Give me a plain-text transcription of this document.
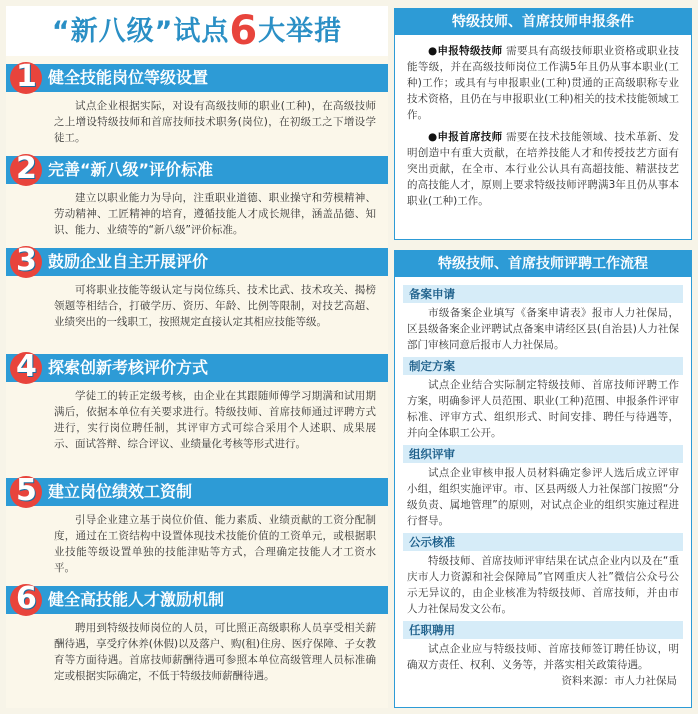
“新八级”试点6大举措
1 健全技能岗位等级设置
试点企业根据实际，对设有高级技师的职业(工种)，在高级技师之上增设特级技师和首席技师技术职务(岗位)，在初级工之下增设学徒工。
2 完善“新八级”评价标准
建立以职业能力为导向，注重职业道德、职业操守和劳模精神、劳动精神、工匠精神的培育，遵循技能人才成长规律，涵盖品德、知识、能力、业绩等的“新八级”评价标准。
3 鼓励企业自主开展评价
可将职业技能等级认定与岗位练兵、技术比武、技术攻关、揭榜领题等相结合，打破学历、资历、年龄、比例等限制，对技艺高超、业绩突出的一线职工，按照规定直接认定其相应技能等级。
4 探索创新考核评价方式
学徒工的转正定级考核，由企业在其跟随师傅学习期满和试用期满后，依据本单位有关要求进行。特级技师、首席技师通过评聘方式进行，实行岗位聘任制，其评审方式可综合采用个人述职、成果展示、面试答辩、综合评议、业绩量化考核等形式进行。
5 建立岗位绩效工资制
引导企业建立基于岗位价值、能力素质、业绩贡献的工资分配制度，通过在工资结构中设置体现技术技能价值的工资单元，或根据职业技能等级设置单独的技能津贴等方式，合理确定技能人才工资水平。
6 健全高技能人才激励机制
聘用到特级技师岗位的人员，可比照正高级职称人员享受相关薪酬待遇，享受疗休养(休假)以及落户、购(租)住房、医疗保障、子女教育等方面待遇。首席技师薪酬待遇可参照本单位高级管理人员标准确定或根据实际确定，不低于特级技师薪酬待遇。
特级技师、首席技师申报条件
●申报特级技师 需要具有高级技师职业资格或职业技能等级，并在高级技师岗位工作满5年且仍从事本职业(工种)工作；或具有与申报职业(工种)贯通的正高级职称专业技术资格，且仍在与申报职业(工种)相关的技术技能领域工作。
●申报首席技师 需要在技术技能领域、技术革新、发明创造中有重大贡献，在培养技能人才和传授技艺方面有突出贡献，在全市、本行业公认具有高超技能、精湛技艺的高技能人才，原则上要求特级技师评聘满3年且仍从事本职业(工种)工作。
特级技师、首席技师评聘工作流程
备案申请
市级备案企业填写《备案申请表》报市人力社保局，区县级备案企业评聘试点备案申请经区县(自治县)人力社保部门审核同意后报市人力社保局。
制定方案
试点企业结合实际制定特级技师、首席技师评聘工作方案，明确参评人员范围、职业(工种)范围、申报条件评审标准、评审方式、组织形式、时间安排、聘任与待遇等，并向全体职工公开。
组织评审
试点企业审核申报人员材料确定参评人选后成立评审小组，组织实施评审。市、区县两级人力社保部门按照“分级负责、属地管理”的原则，对试点企业的组织实施过程进行督导。
公示核准
特级技师、首席技师评审结果在试点企业内以及在“重庆市人力资源和社会保障局”官网重庆人社”微信公众号公示无异议的，由企业核准为特级技师、首席技师，并由市人力社保局发文公布。
任职聘用
试点企业应与特级技师、首席技师签订聘任协议，明确双方责任、权利、义务等，并落实相关政策待遇。
资料来源：市人力社保局
